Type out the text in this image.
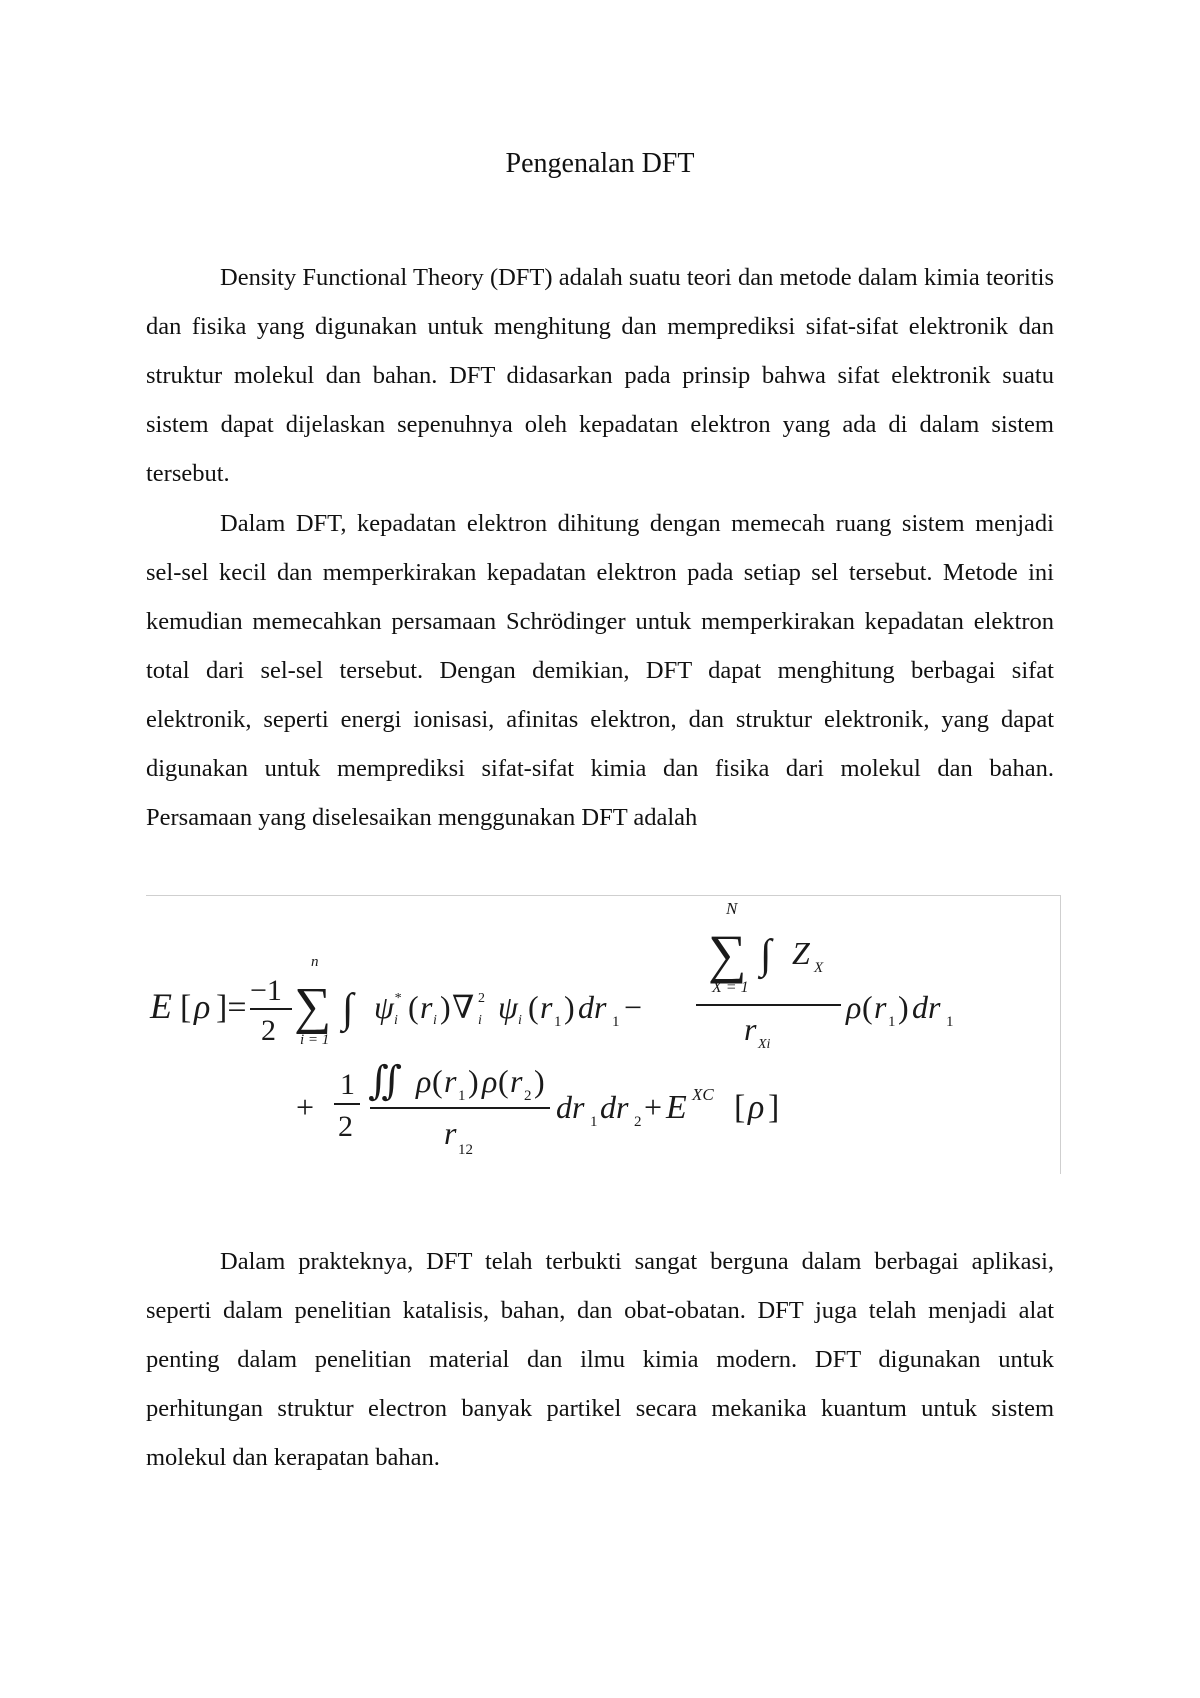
Pengenalan DFT

Density Functional Theory (DFT) adalah suatu teori dan metode dalam kimia teoritis dan fisika yang digunakan untuk menghitung dan memprediksi sifat-sifat elektronik dan struktur molekul dan bahan. DFT didasarkan pada prinsip bahwa sifat elektronik suatu sistem dapat dijelaskan sepenuhnya oleh kepadatan elektron yang ada di dalam sistem tersebut.

Dalam DFT, kepadatan elektron dihitung dengan memecah ruang sistem menjadi sel-sel kecil dan memperkirakan kepadatan elektron pada setiap sel tersebut. Metode ini kemudian memecahkan persamaan Schrödinger untuk memperkirakan kepadatan elektron total dari sel-sel tersebut. Dengan demikian, DFT dapat menghitung berbagai sifat elektronik, seperti energi ionisasi, afinitas elektron, dan struktur elektronik, yang dapat digunakan untuk memprediksi sifat-sifat kimia dan fisika dari molekul dan bahan. Persamaan yang diselesaikan menggunakan DFT adalah

E [ ρ ]= −1
2
n
∑
i = 1
∫ ψ *
i ( r i ) ∇ 2
i ψ i ( r 1 ) dr 1 −
N
∑
X = 1
∫ Z X
r Xi
ρ ( r 1 ) dr 1
+
1
2
∬ ρ ( r 1 ) ρ ( r 2 )
r 12
dr 1 dr 2 + E XC [ ρ ]

Dalam prakteknya, DFT telah terbukti sangat berguna dalam berbagai aplikasi, seperti dalam penelitian katalisis, bahan, dan obat-obatan. DFT juga telah menjadi alat penting dalam penelitian material dan ilmu kimia modern. DFT digunakan untuk perhitungan struktur electron banyak partikel secara mekanika kuantum untuk sistem molekul dan kerapatan bahan.
